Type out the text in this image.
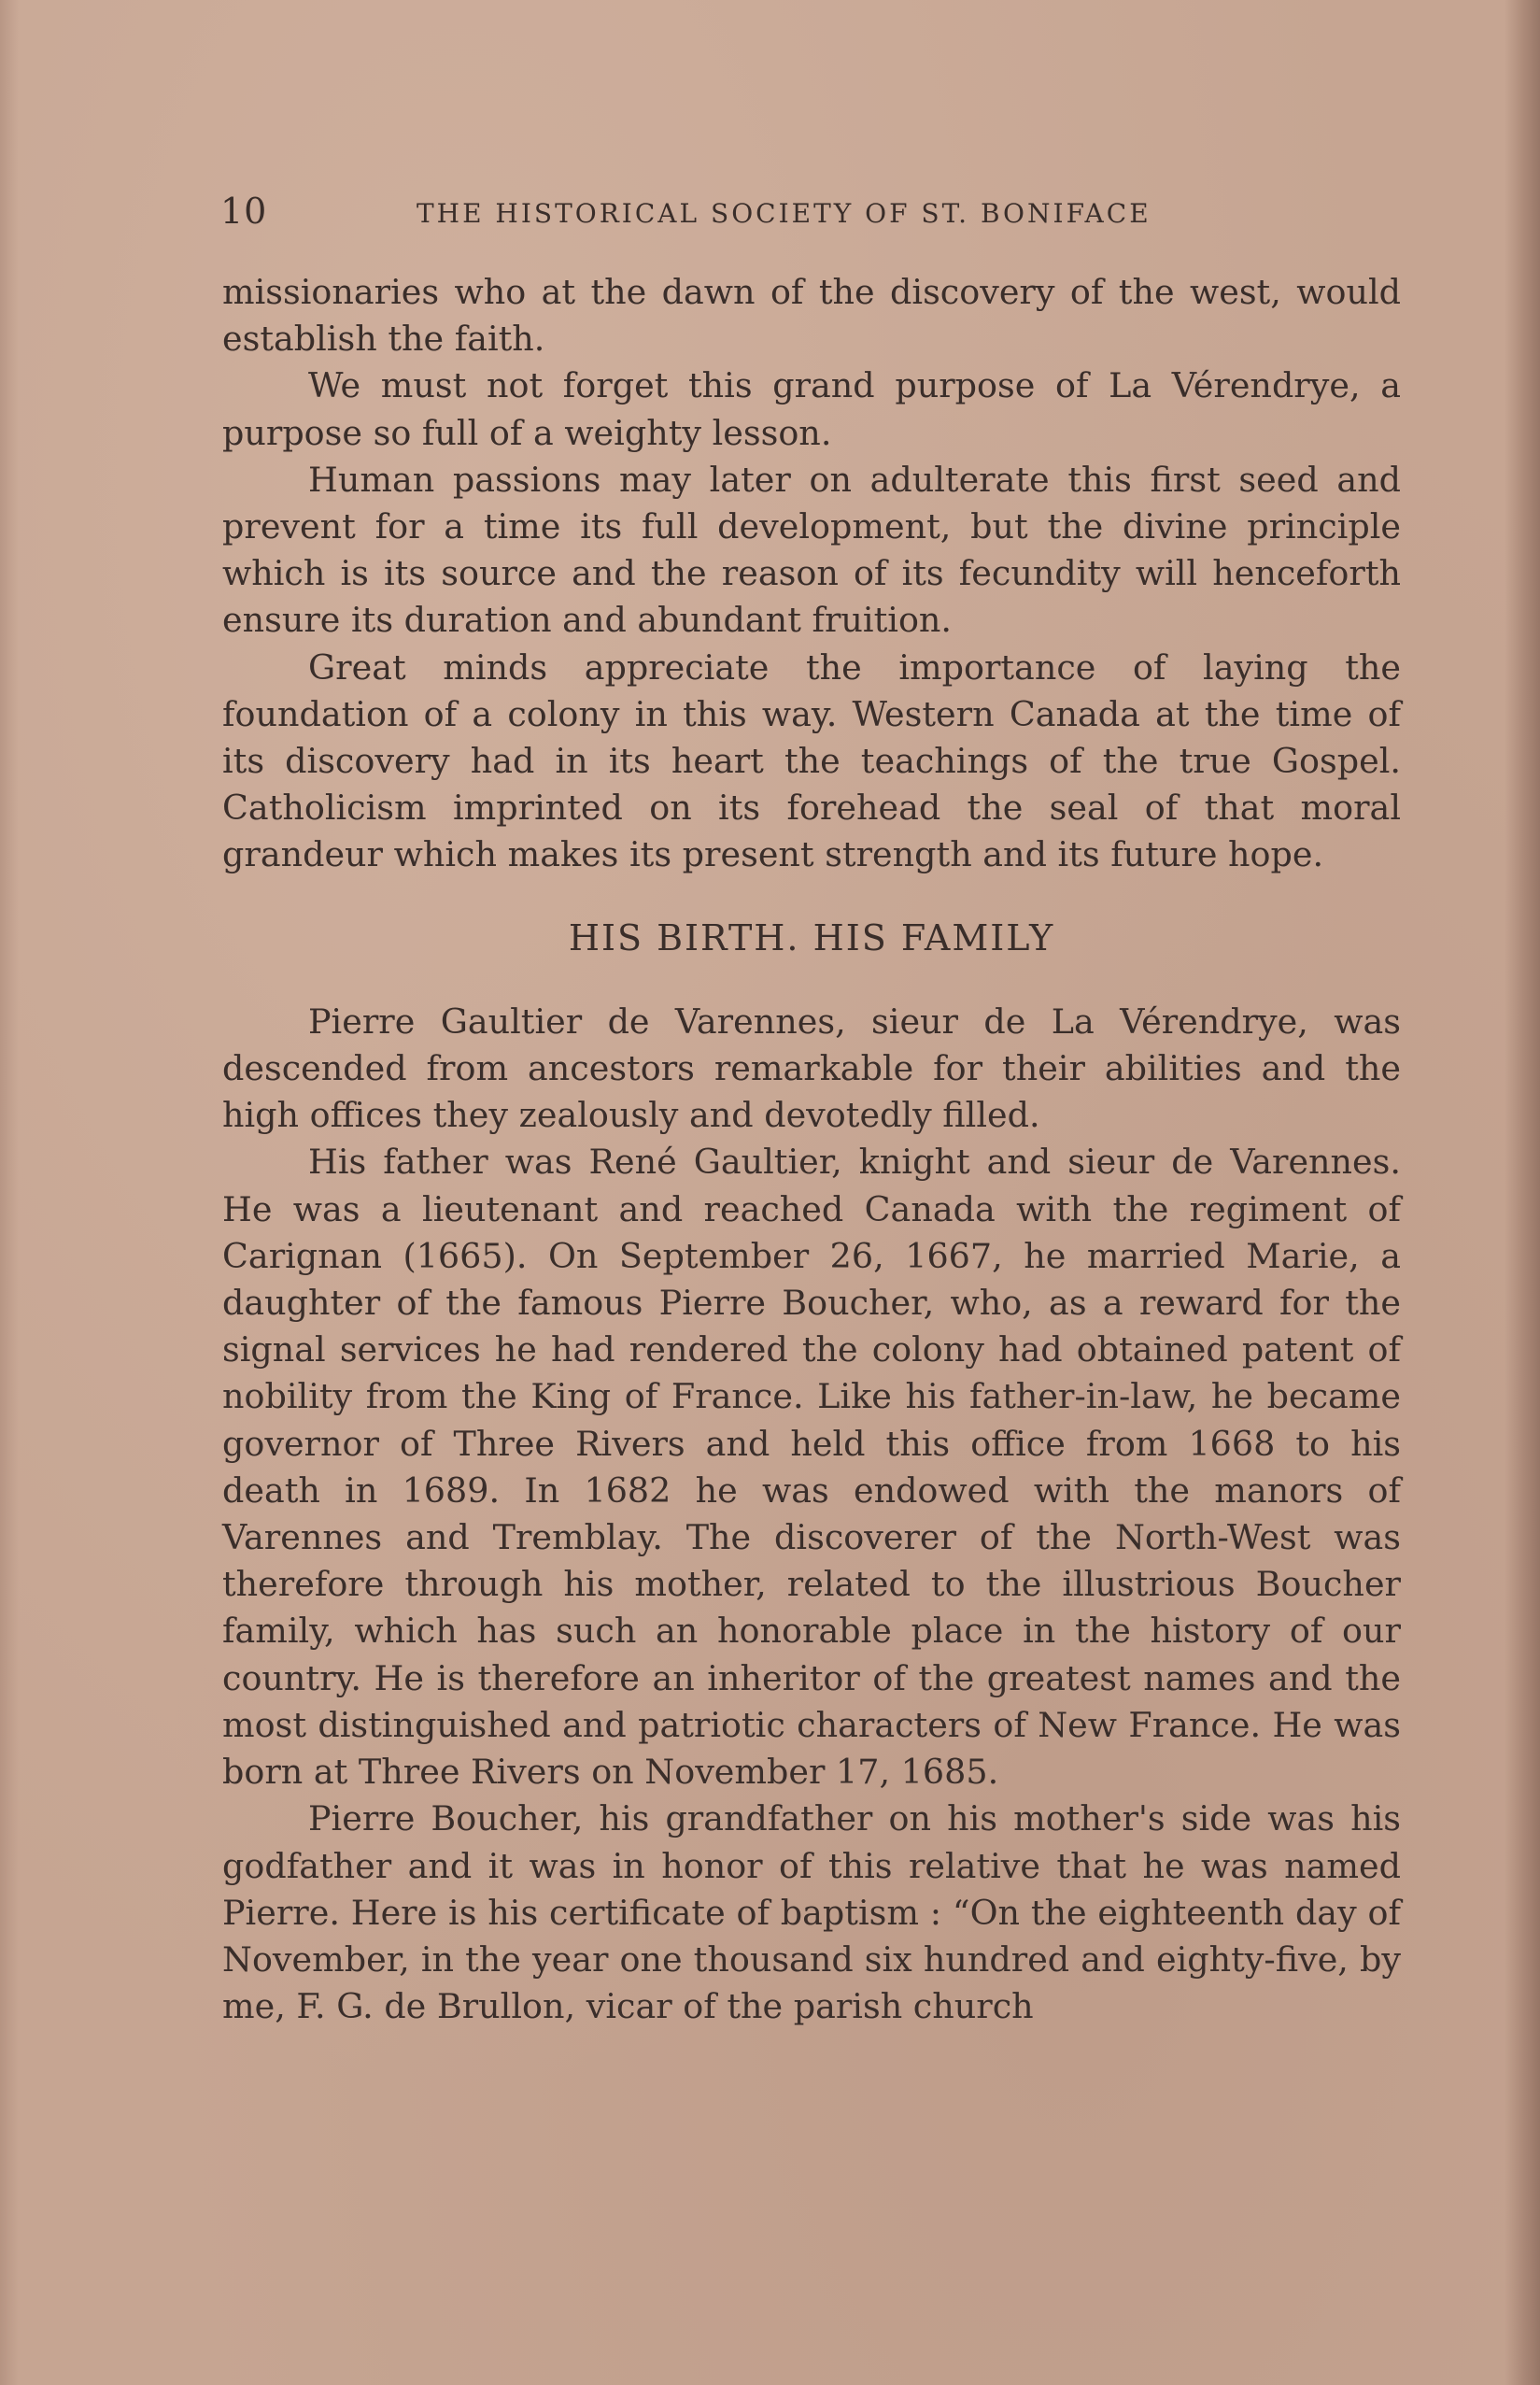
10	THE HISTORICAL SOCIETY OF ST. BONIFACE

missionaries who at the dawn of the discovery of the west, would establish the faith.

We must not forget this grand purpose of La Vérendrye, a purpose so full of a weighty lesson.

Human passions may later on adulterate this first seed and prevent for a time its full development, but the divine principle which is its source and the reason of its fecundity will henceforth ensure its duration and abundant fruition.

Great minds appreciate the importance of laying the foundation of a colony in this way. Western Canada at the time of its discovery had in its heart the teachings of the true Gospel. Catholicism imprinted on its forehead the seal of that moral grandeur which makes its present strength and its future hope.

HIS BIRTH. HIS FAMILY

Pierre Gaultier de Varennes, sieur de La Vérendrye, was descended from ancestors remarkable for their abilities and the high offices they zealously and devotedly filled.

His father was René Gaultier, knight and sieur de Varennes. He was a lieutenant and reached Canada with the regiment of Carignan (1665). On September 26, 1667, he married Marie, a daughter of the famous Pierre Boucher, who, as a reward for the signal services he had rendered the colony had obtained patent of nobility from the King of France. Like his father-in-law, he became governor of Three Rivers and held this office from 1668 to his death in 1689. In 1682 he was endowed with the manors of Varennes and Tremblay. The discoverer of the North-West was therefore through his mother, related to the illustrious Boucher family, which has such an honorable place in the history of our country. He is therefore an inheritor of the greatest names and the most distinguished and patriotic characters of New France. He was born at Three Rivers on November 17, 1685.

Pierre Boucher, his grandfather on his mother's side was his godfather and it was in honor of this relative that he was named Pierre. Here is his certificate of baptism : “On the eighteenth day of November, in the year one thousand six hundred and eighty-five, by me, F. G. de Brullon, vicar of the parish church
